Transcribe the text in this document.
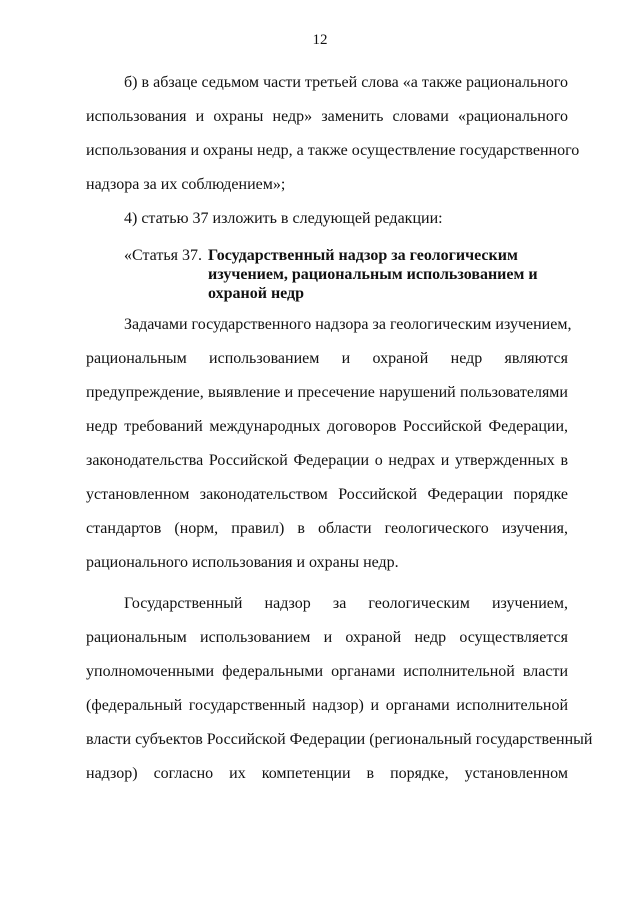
12
б) в абзаце седьмом части третьей слова «а также рационального
использования и охраны недр» заменить словами «рационального
использования и охраны недр, а также осуществление государственного
надзора за их соблюдением»;
4) статью 37 изложить в следующей редакции:
«Статья 37. Государственный надзор за геологическим
изучением, рациональным использованием и
охраной недр
Задачами государственного надзора за геологическим изучением,
рациональным использованием и охраной недр являются
предупреждение, выявление и пресечение нарушений пользователями
недр требований международных договоров Российской Федерации,
законодательства Российской Федерации о недрах и утвержденных в
установленном законодательством Российской Федерации порядке
стандартов (норм, правил) в области геологического изучения,
рационального использования и охраны недр.
Государственный надзор за геологическим изучением,
рациональным использованием и охраной недр осуществляется
уполномоченными федеральными органами исполнительной власти
(федеральный государственный надзор) и органами исполнительной
власти субъектов Российской Федерации (региональный государственный
надзор) согласно их компетенции в порядке, установленном
